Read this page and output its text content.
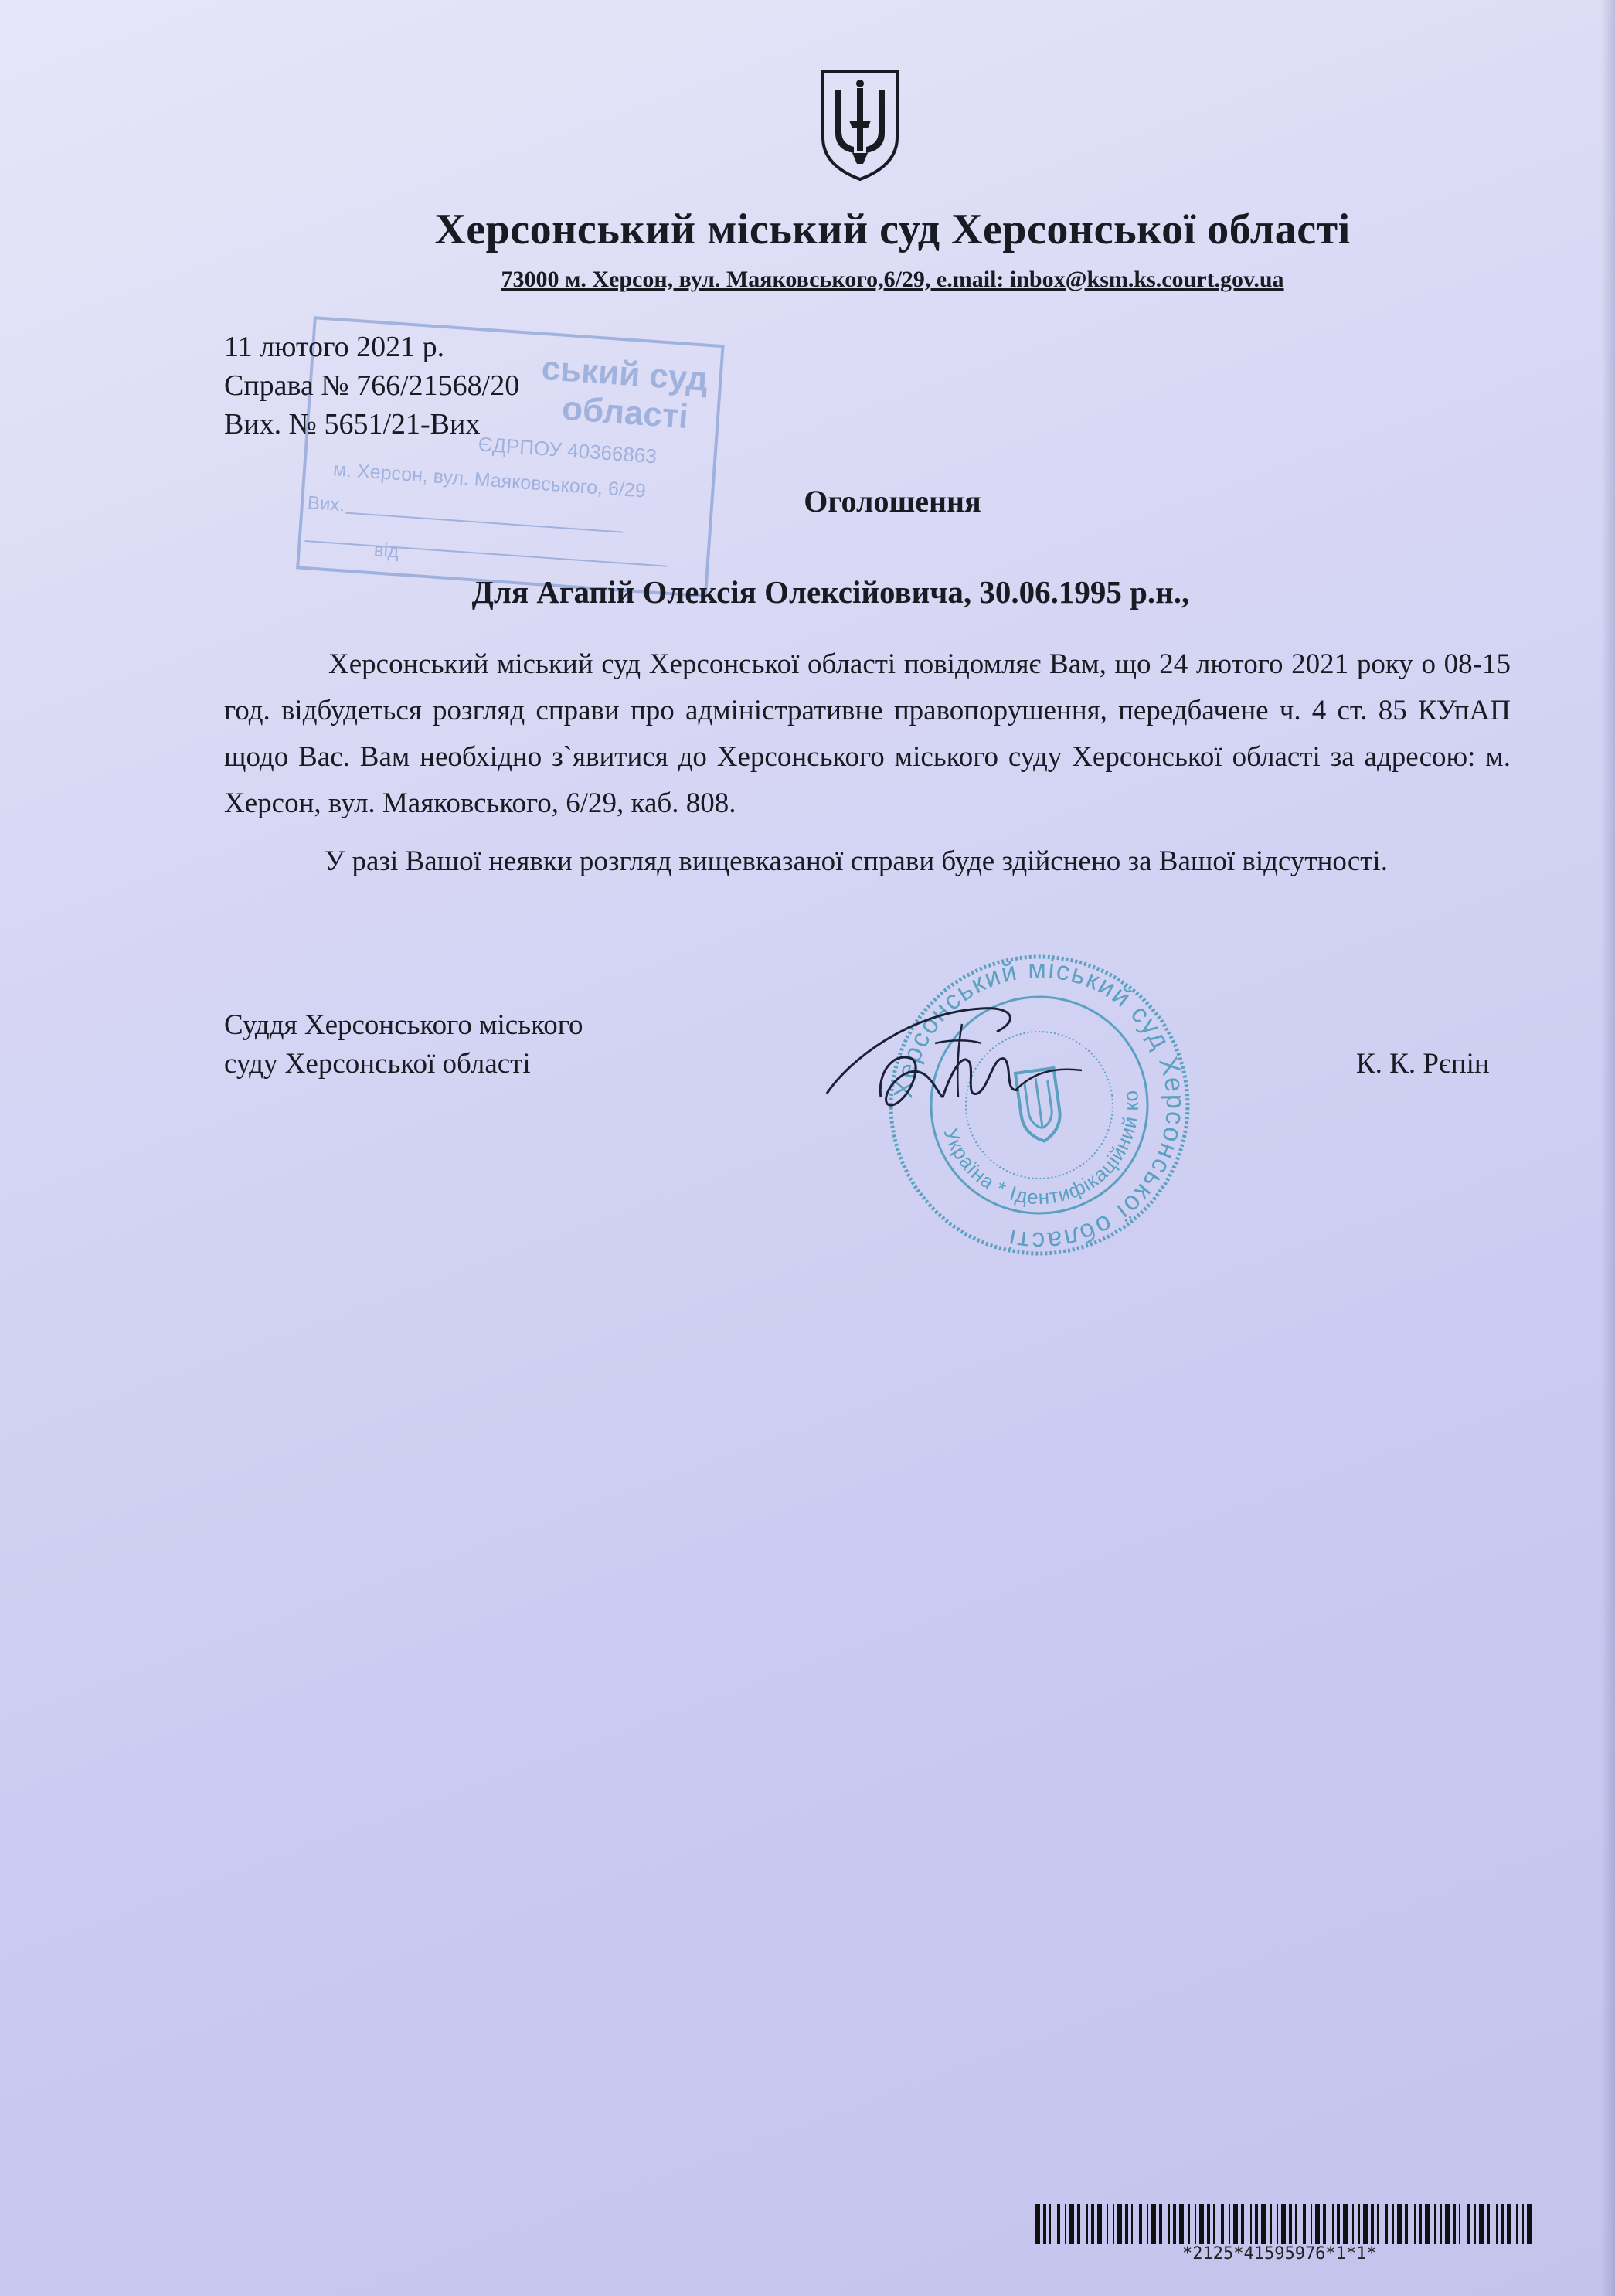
Херсонський міський суд Херсонської області
73000 м. Херсон, вул. Маяковського,6/29, e.mail: inbox@ksm.ks.court.gov.ua
ський суд
області
ЄДРПОУ 40366863
м. Херсон, вул. Маяковського, 6/29
Вих.
від
11 лютого 2021 р.
Справа № 766/21568/20
Вих. № 5651/21-Вих
Оголошення
Для Агапій Олексія Олексійовича, 30.06.1995 р.н.,
Херсонський міський суд Херсонської області повідомляє Вам, що 24 лютого 2021 року о 08-15 год. відбудеться розгляд справи про адміністративне правопорушення, передбачене ч. 4 ст. 85 КУпАП щодо Вас. Вам необхідно з`явитися до Херсонського міського суду Херсонської області за адресою: м. Херсон, вул. Маяковського, 6/29, каб. 808.
У разі Вашої неявки розгляд вищевказаної справи буде здійснено за Вашої відсутності.
Суддя Херсонського міського
суду Херсонської області	К. К. Рєпін
Херсонський міський суд Херсонської області
Україна * Ідентифікаційний код
*2125*41595976*1*1*
